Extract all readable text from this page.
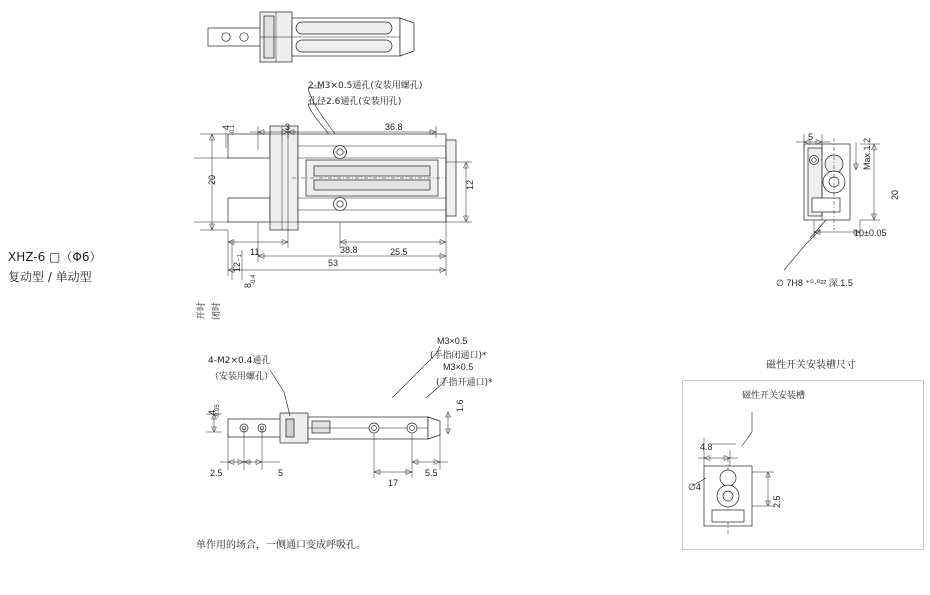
XHZ-6 □（Φ6）
复动型 / 单动型
2-M3×0.5通孔(安装用螺孔)
孔径2.6通孔(安装用孔)
3	36.8
20
4 -0.1
12
11	25.5
38.8
53
12₋₁
8
-0.4
开时 闭时
5
Max.1.2
20
10±0.05
∅ 7H8 ⁺⁰·⁰²² 深.1.5
4-M2×0.4通孔
（安装用螺孔）
M3×0.5
(手指闭通口)*
M3×0.5
(手指开通口)*
4
-0.05
2.5	5
17
5.5
1.6
磁性开关安装槽尺寸
磁性开关安装槽
4.8
∅4
2.5
单作用的场合，一侧通口变成呼吸孔。
